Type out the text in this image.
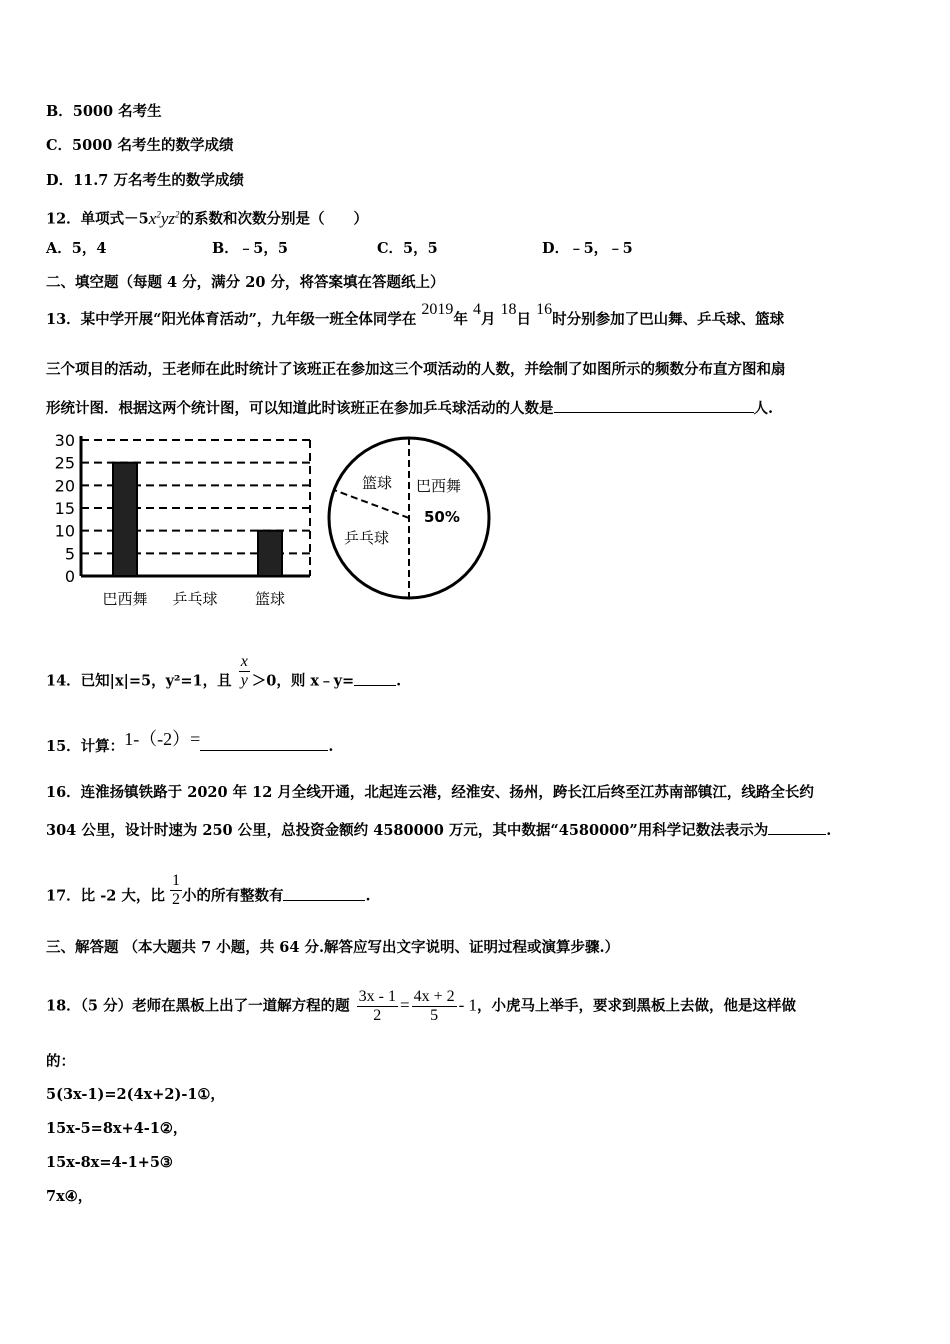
B．5000 名考生
C．5000 名考生的数学成绩
D．11.7 万名考生的数学成绩
12．单项式$-5x^2yz^2$的系数和次数分别是（　　）
A．5，4	B．﹣5，5	C．5，5	D．﹣5，﹣5
二、填空题（每题 4 分，满分 20 分，将答案填在答题纸上）
13．某中学开展“阳光体育活动”，九年级一班全体同学在 2019年 4月 18日 16时分别参加了巴山舞、乒乓球、篮球
三个项目的活动，王老师在此时统计了该班正在参加这三个项活动的人数，并绘制了如图所示的频数分布直方图和扇
形统计图．根据这两个统计图，可以知道此时该班正在参加乒乓球活动的人数是	人.
0
5
10
15
20
25
30
巴西舞 乒乓球 篮球
篮球 巴西舞
50%
乒乓球
14．已知|x|=5，y²=1，且 $\frac{x}{y} >0$，则 x﹣y=	.
15．计算：1-（-2）=	.
16．连淮扬镇铁路于 2020 年 12 月全线开通，北起连云港，经淮安、扬州，跨长江后终至江苏南部镇江，线路全长约
304 公里，设计时速为 250 公里，总投资金额约 4580000 万元，其中数据“4580000”用科学记数法表示为	.
17．比 -2 大，比 $\frac{1}{2}$ 小的所有整数有	.
三、解答题 （本大题共 7 小题，共 64 分.解答应写出文字说明、证明过程或演算步骤.）
18．（5 分）老师在黑板上出了一道解方程的题 $\frac{3x - 1}{2} = \frac{4x + 2}{5} - 1$，小虎马上举手，要求到黑板上去做，他是这样做
的：
5(3x-1)=2(4x+2)-1①，
15x-5=8x+4-1②，
15x-8x=4-1+5③
7x④，
